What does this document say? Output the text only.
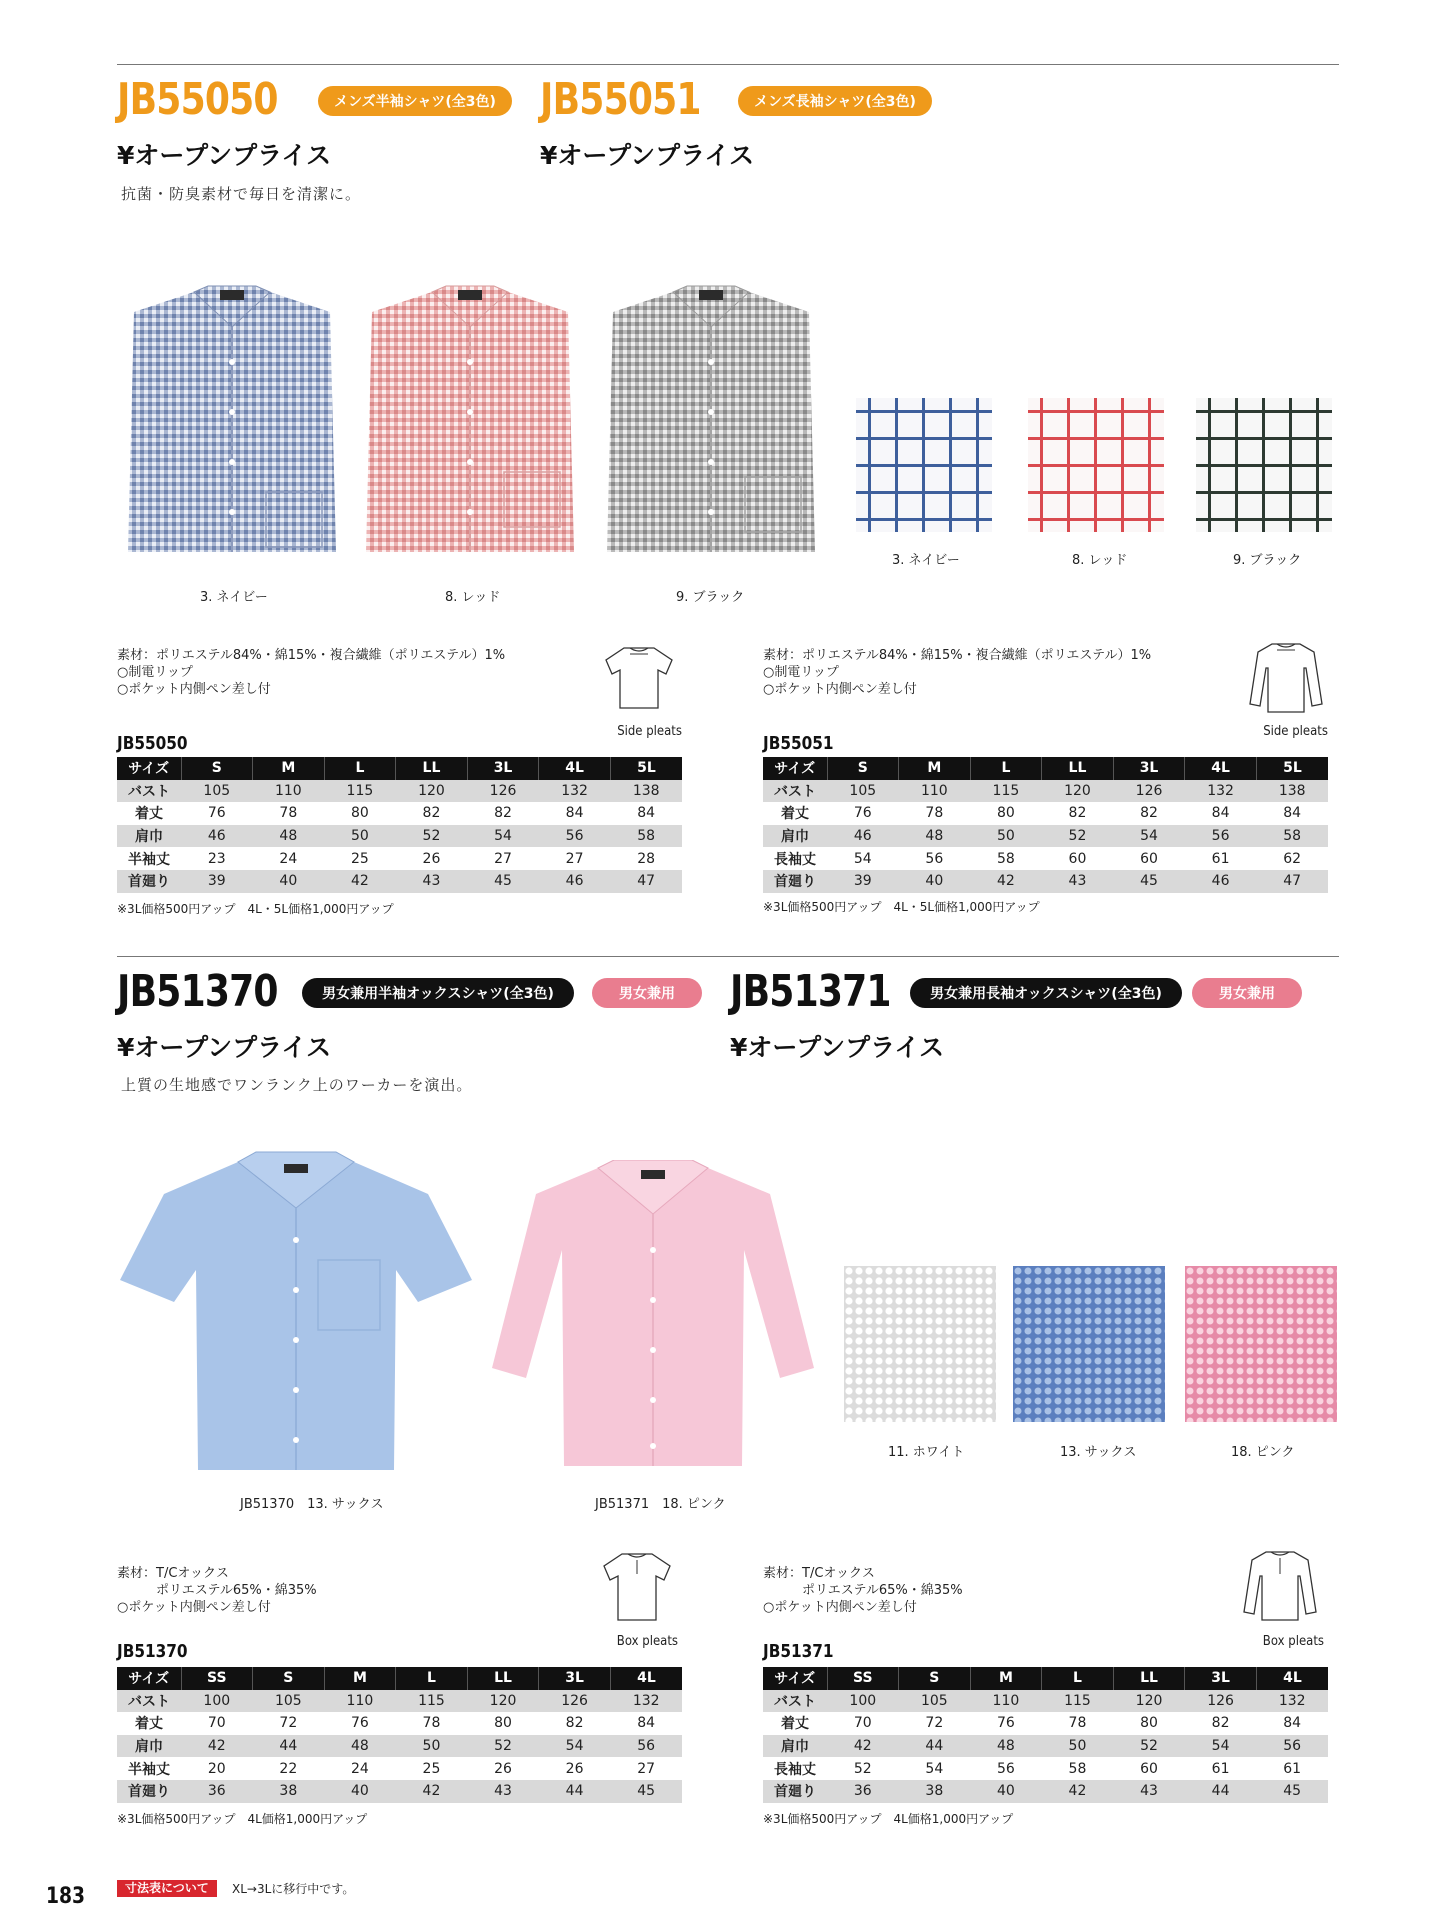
JB55050	メンズ半袖シャツ(全3色)	JB55051	メンズ長袖シャツ(全3色)
¥オープンプライス	¥オープンプライス
抗菌・防臭素材で毎日を清潔に。
3. ネイビー	8. レッド	9. ブラック
3. ネイビー	8. レッド	9. ブラック
素材：ポリエステル84%・綿15%・複合繊維（ポリエステル）1%
○制電リップ
○ポケット内側ペン差し付
Side pleats
JB55050
サイズ	S	M	L	LL	3L	4L	5L
バスト	105	110	115	120	126	132	138
着丈	76	78	80	82	82	84	84
肩巾	46	48	50	52	54	56	58
半袖丈	23	24	25	26	27	27	28
首廻り	39	40	42	43	45	46	47
※3L価格500円アップ　4L・5L価格1,000円アップ
素材：ポリエステル84%・綿15%・複合繊維（ポリエステル）1%
○制電リップ
○ポケット内側ペン差し付
Side pleats
JB55051
サイズ	S	M	L	LL	3L	4L	5L
バスト	105	110	115	120	126	132	138
着丈	76	78	80	82	82	84	84
肩巾	46	48	50	52	54	56	58
長袖丈	54	56	58	60	60	61	62
首廻り	39	40	42	43	45	46	47
※3L価格500円アップ　4L・5L価格1,000円アップ
JB51370	男女兼用半袖オックスシャツ(全3色)	男女兼用	JB51371	男女兼用長袖オックスシャツ(全3色)	男女兼用
¥オープンプライス	¥オープンプライス
上質の生地感でワンランク上のワーカーを演出。
JB51370　13. サックス	JB51371　18. ピンク
11. ホワイト	13. サックス	18. ピンク
素材：T/Cオックス
　　　ポリエステル65%・綿35%
○ポケット内側ペン差し付
Box pleats
JB51370
サイズ	SS	S	M	L	LL	3L	4L
バスト	100	105	110	115	120	126	132
着丈	70	72	76	78	80	82	84
肩巾	42	44	48	50	52	54	56
半袖丈	20	22	24	25	26	26	27
首廻り	36	38	40	42	43	44	45
※3L価格500円アップ　4L価格1,000円アップ
素材：T/Cオックス
　　　ポリエステル65%・綿35%
○ポケット内側ペン差し付
Box pleats
JB51371
サイズ	SS	S	M	L	LL	3L	4L
バスト	100	105	110	115	120	126	132
着丈	70	72	76	78	80	82	84
肩巾	42	44	48	50	52	54	56
長袖丈	52	54	56	58	60	61	61
首廻り	36	38	40	42	43	44	45
※3L価格500円アップ　4L価格1,000円アップ
183	寸法表について	XL→3Lに移行中です。
